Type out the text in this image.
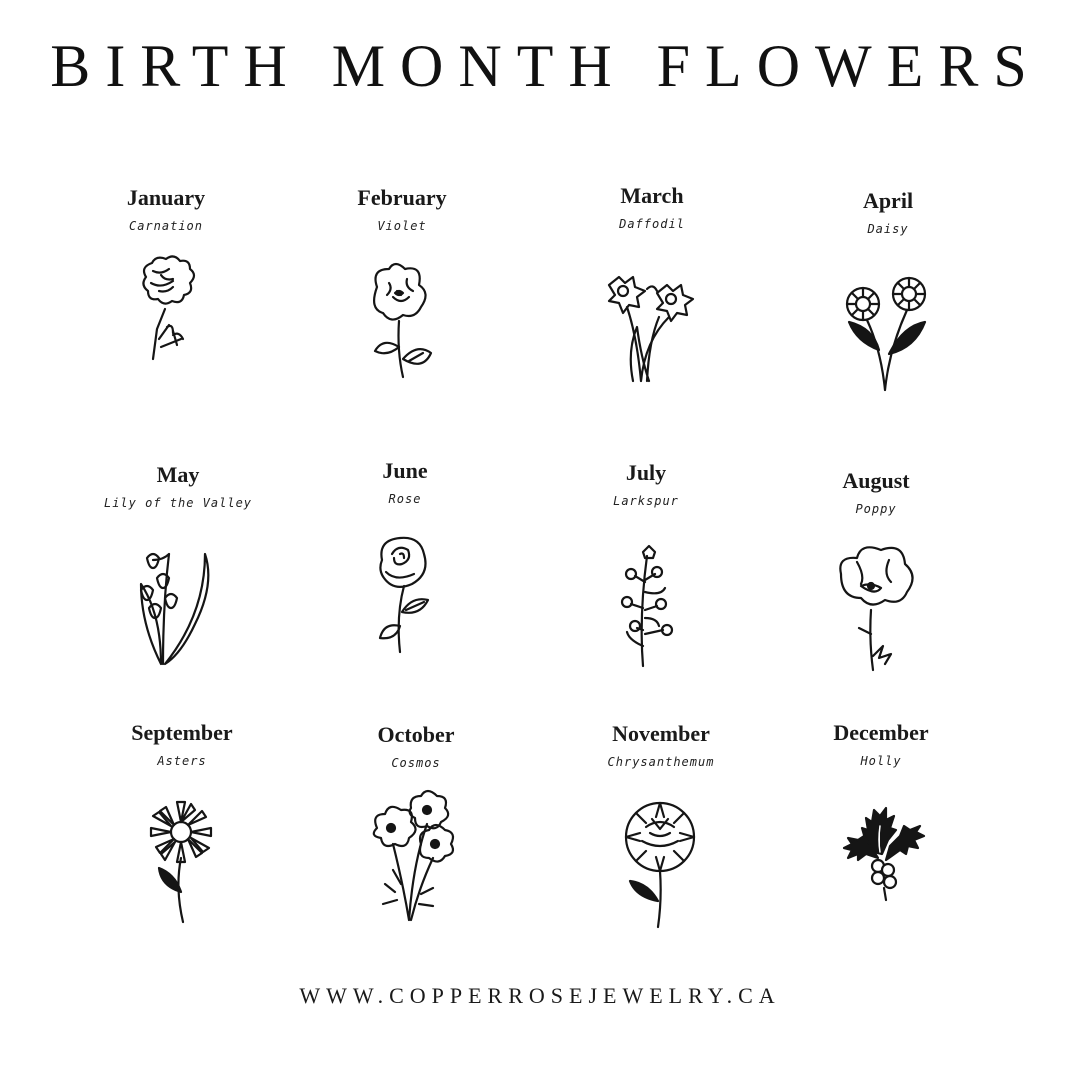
BIRTH MONTH FLOWERS
January
Carnation
February
Violet
March
Daffodil
April
Daisy
May
Lily of the Valley
June
Rose
July
Larkspur
August
Poppy
September
Asters
October
Cosmos
November
Chrysanthemum
December
Holly
WWW.COPPERROSEJEWELRY.CA
